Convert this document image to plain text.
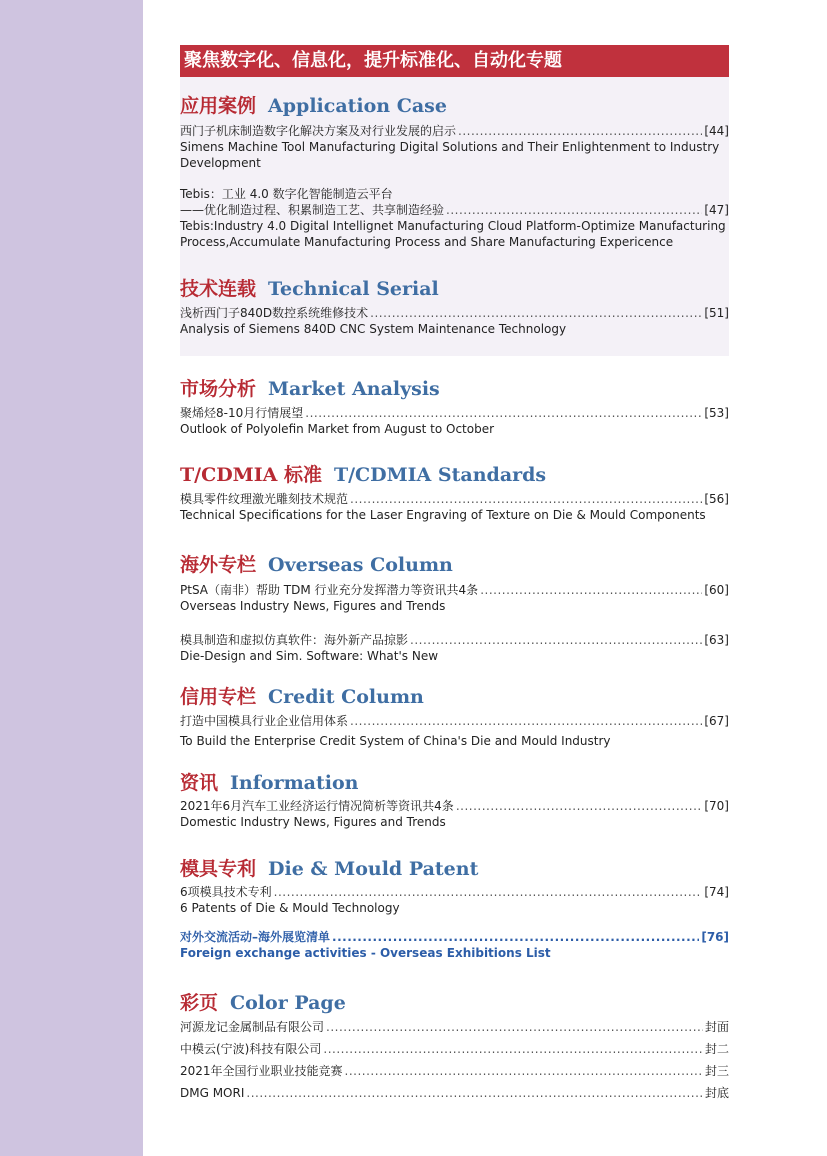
聚焦数字化、信息化，提升标准化、自动化专题
应用案例 Application Case
西门子机床制造数字化解决方案及对行业发展的启示 .....	[44]
Simens Machine Tool Manufacturing Digital Solutions and Their Enlightenment to Industry Development
Tebis：工业 4.0 数字化智能制造云平台
——优化制造过程、积累制造工艺、共享制造经验 .....	[47]
Tebis:Industry 4.0 Digital Intellignet Manufacturing Cloud Platform-Optimize Manufacturing Process,Accumulate Manufacturing Process and Share Manufacturing Expericence
技术连载 Technical Serial
浅析西门子840D数控系统维修技术 .....	[51]
Analysis of Siemens 840D CNC System Maintenance Technology
市场分析 Market Analysis
聚烯烃8-10月行情展望 .....	[53]
Outlook of Polyolefin Market from August to October
T/CDMIA 标准 T/CDMIA Standards
模具零件纹理激光雕刻技术规范 .....	[56]
Technical Specifications for the Laser Engraving of Texture on Die & Mould Components
海外专栏 Overseas Column
PtSA（南非）帮助 TDM 行业充分发挥潜力等资讯共4条 .....	[60]
Overseas Industry News, Figures and Trends
模具制造和虚拟仿真软件：海外新产品掠影 .....	[63]
Die-Design and Sim. Software: What's New
信用专栏 Credit Column
打造中国模具行业企业信用体系 .....	[67]
To Build the Enterprise Credit System of China's Die and Mould Industry
资讯 Information
2021年6月汽车工业经济运行情况简析等资讯共4条 .....	[70]
Domestic Industry News, Figures and Trends
模具专利 Die & Mould Patent
6项模具技术专利 .....	[74]
6 Patents of Die & Mould Technology
对外交流活动–海外展览清单 .....	[76]
Foreign exchange activities - Overseas Exhibitions List
彩页 Color Page
河源龙记金属制品有限公司 .....	封面
中模云(宁波)科技有限公司 .....	封二
2021年全国行业职业技能竞赛 .....	封三
DMG MORI .....	封底
